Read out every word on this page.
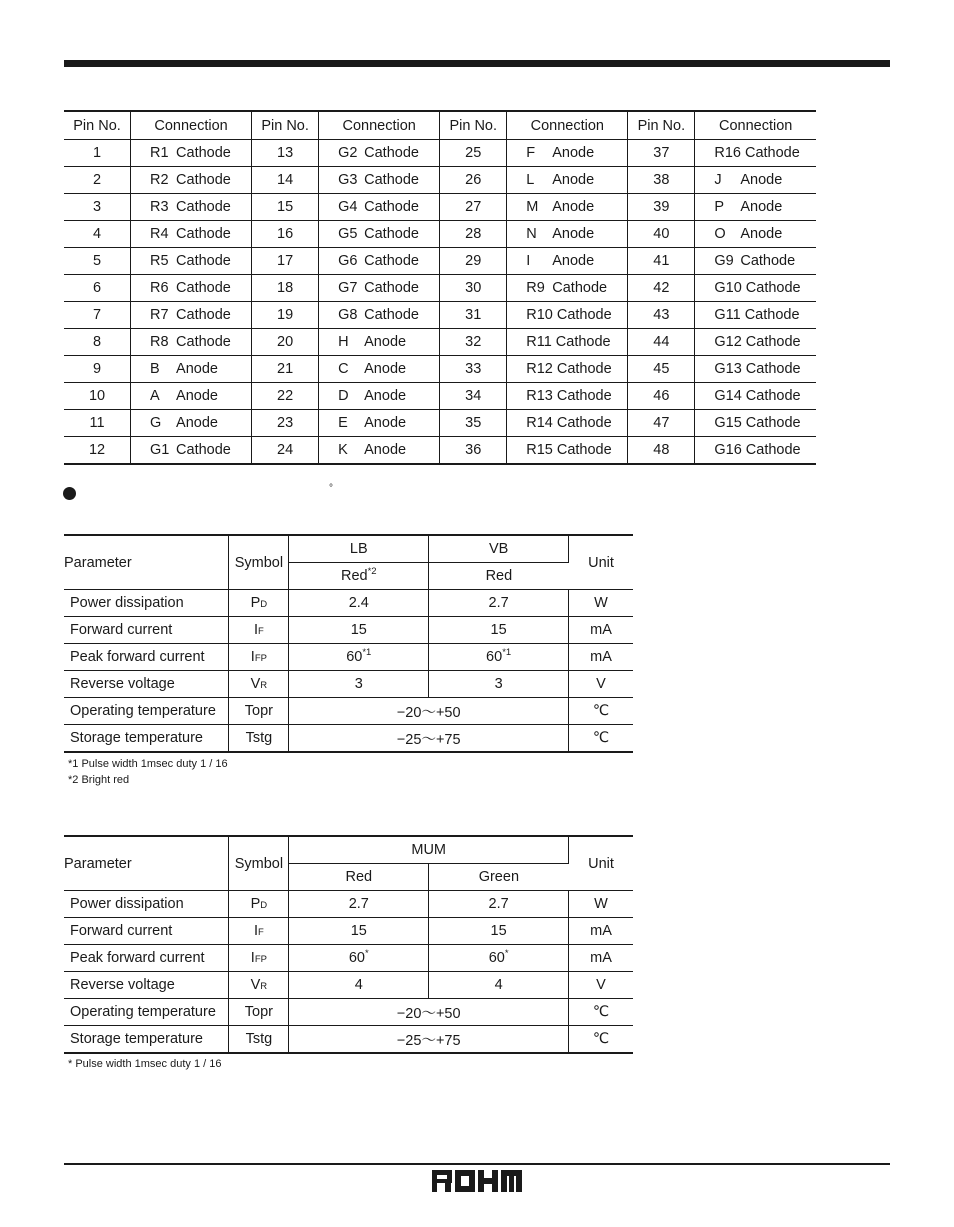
Pin No.	Connection	Pin No.	Connection	Pin No.	Connection	Pin No.	Connection
1	R1 Cathode	13	G2 Cathode	25	F Anode	37	R16 Cathode
2	R2 Cathode	14	G3 Cathode	26	L Anode	38	J Anode
3	R3 Cathode	15	G4 Cathode	27	M Anode	39	P Anode
4	R4 Cathode	16	G5 Cathode	28	N Anode	40	O Anode
5	R5 Cathode	17	G6 Cathode	29	I Anode	41	G9 Cathode
6	R6 Cathode	18	G7 Cathode	30	R9 Cathode	42	G10 Cathode
7	R7 Cathode	19	G8 Cathode	31	R10 Cathode	43	G11 Cathode
8	R8 Cathode	20	H Anode	32	R11 Cathode	44	G12 Cathode
9	B Anode	21	C Anode	33	R12 Cathode	45	G13 Cathode
10	A Anode	22	D Anode	34	R13 Cathode	46	G14 Cathode
11	G Anode	23	E Anode	35	R14 Cathode	47	G15 Cathode
12	G1 Cathode	24	K Anode	36	R15 Cathode	48	G16 Cathode
°
Parameter	Symbol	LB	VB	Unit
		Red$^{*2}$	Red	
Power dissipation	PD	2.4	2.7	W
Forward current	IF	15	15	mA
Peak forward current	IFP	60$^{*1}$	60$^{*1}$	mA
Reverse voltage	VR	3	3	V
Operating temperature	Topr	−20〜+50		℃
Storage temperature	Tstg	−25〜+75		℃
*1 Pulse width 1msec duty 1 / 16
*2 Bright red
Parameter	Symbol	MUM		Unit
		Red	Green	
Power dissipation	PD	2.7	2.7	W
Forward current	IF	15	15	mA
Peak forward current	IFP	60*	60*	mA
Reverse voltage	VR	4	4	V
Operating temperature	Topr	−20〜+50		℃
Storage temperature	Tstg	−25〜+75		℃
* Pulse width 1msec duty 1 / 16
